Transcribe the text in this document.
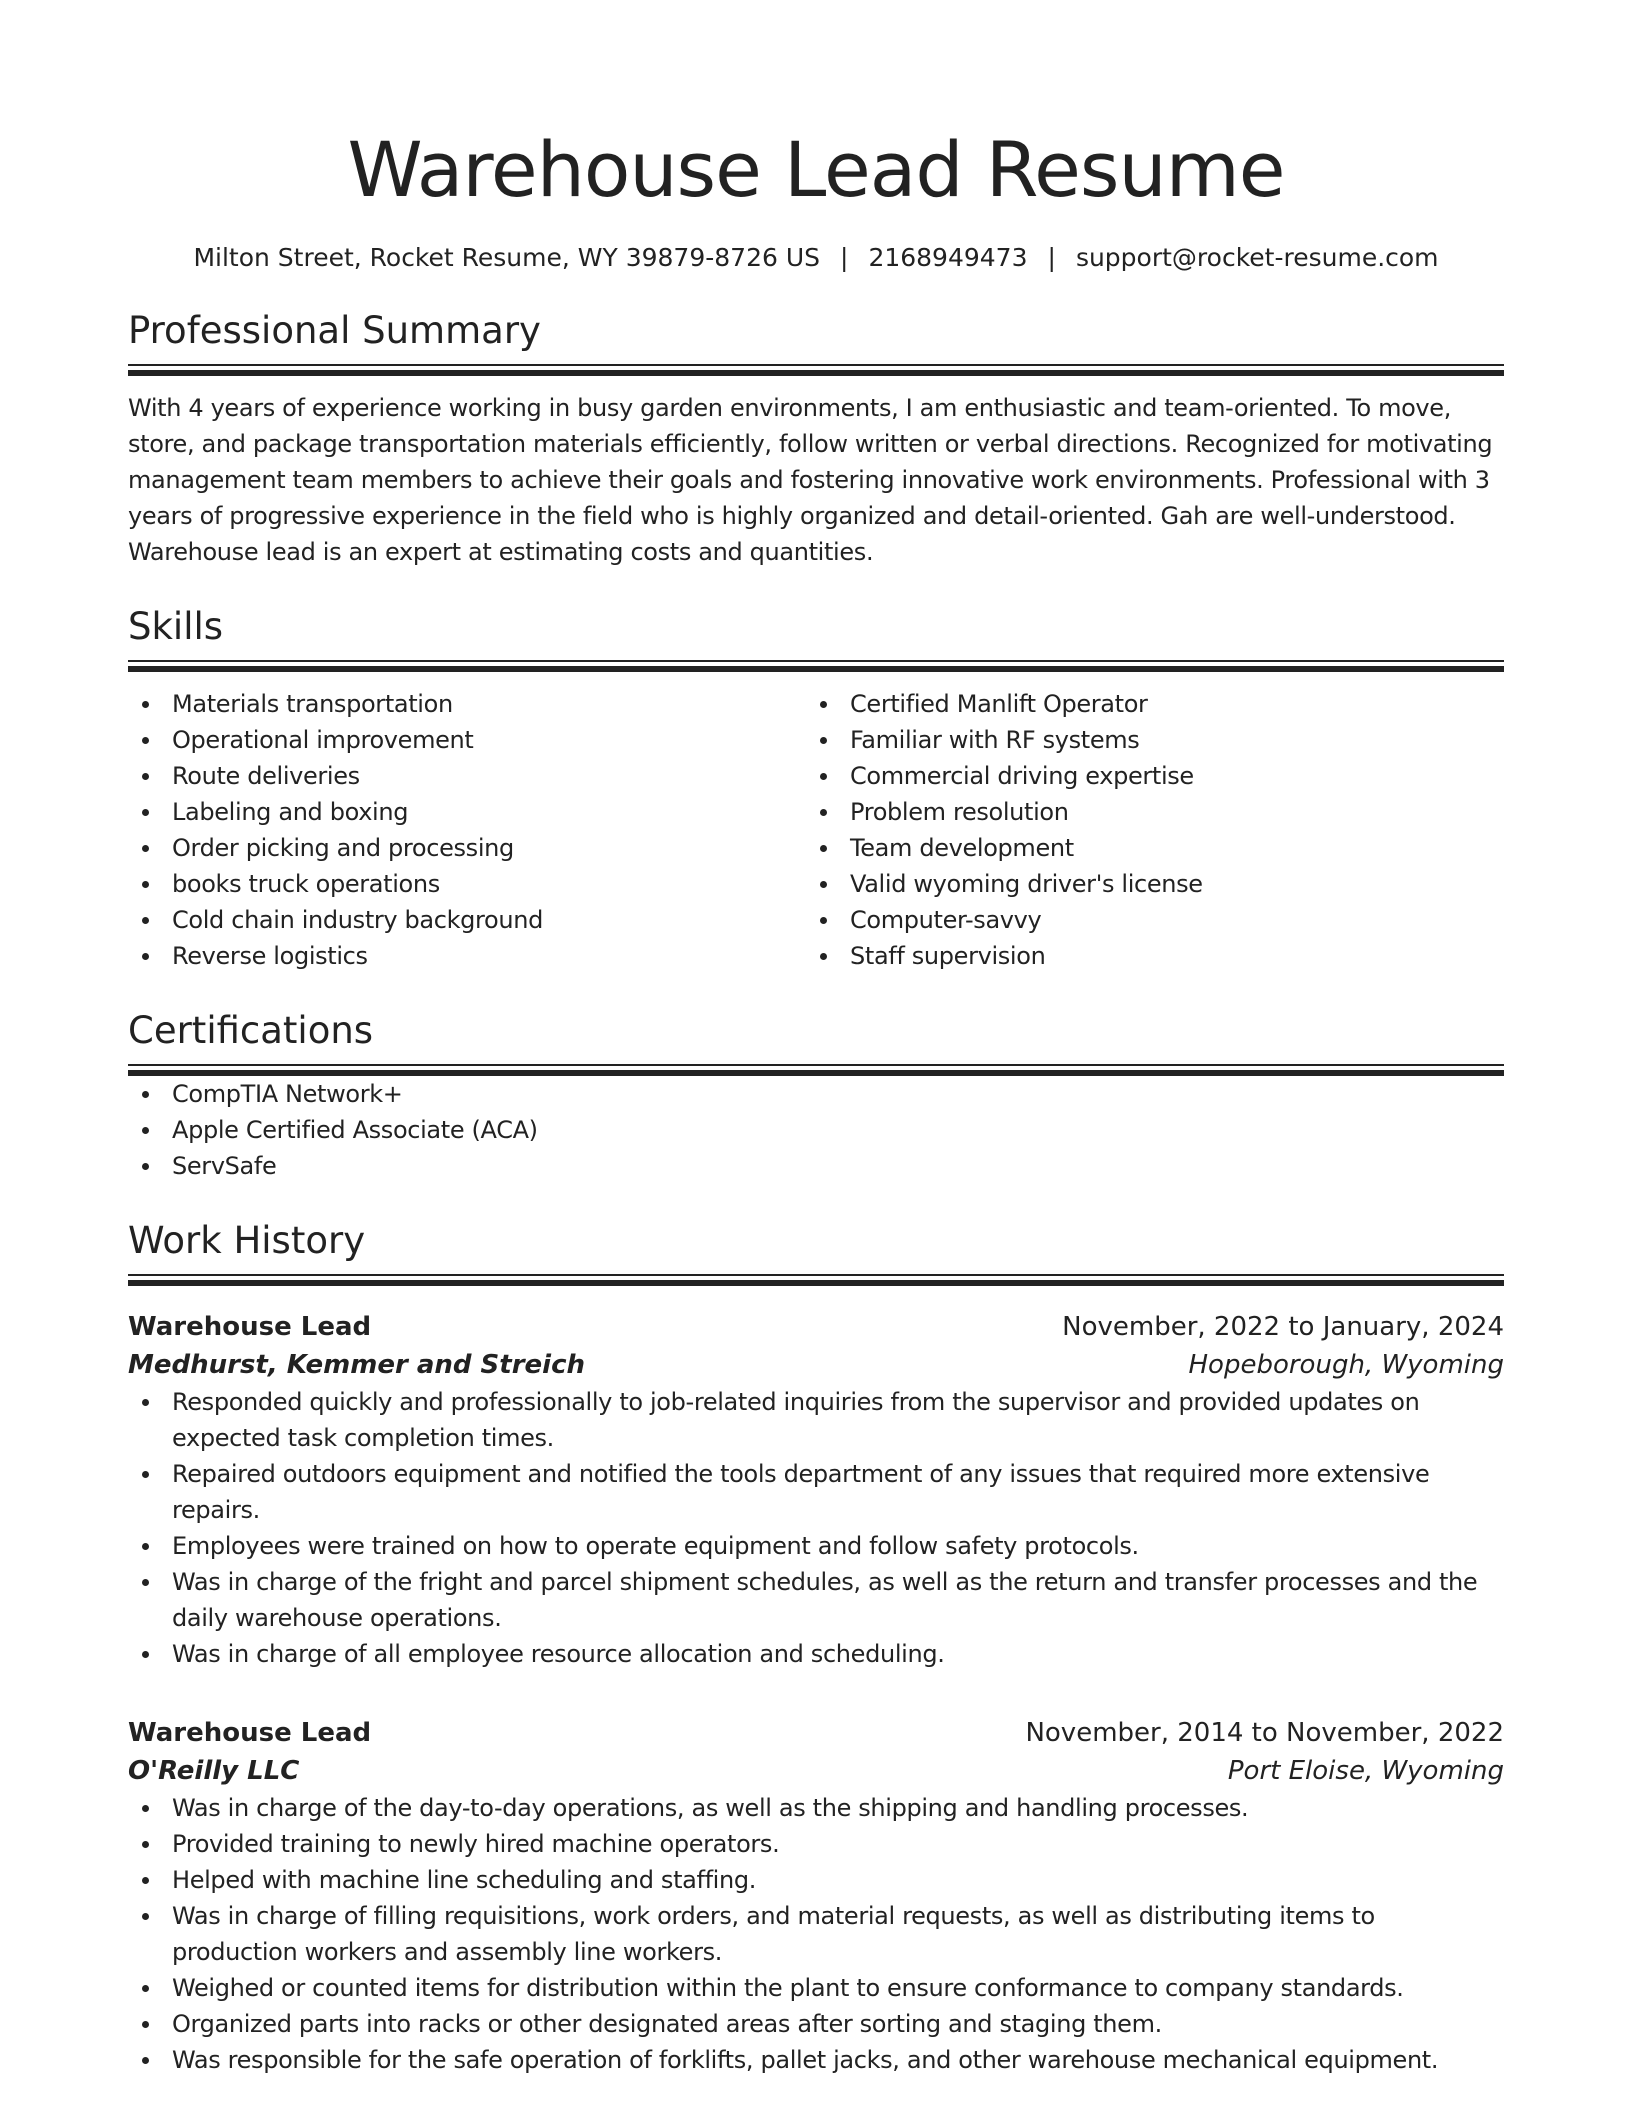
Warehouse Lead Resume
Milton Street, Rocket Resume, WY 39879-8726 US | 2168949473 | support@rocket-resume.com
Professional Summary
With 4 years of experience working in busy garden environments, I am enthusiastic and team-oriented. To move, store, and package transportation materials efficiently, follow written or verbal directions. Recognized for motivating management team members to achieve their goals and fostering innovative work environments. Professional with 3 years of progressive experience in the field who is highly organized and detail-oriented. Gah are well-understood. Warehouse lead is an expert at estimating costs and quantities.
Skills
Materials transportation
Operational improvement
Route deliveries
Labeling and boxing
Order picking and processing
books truck operations
Cold chain industry background
Reverse logistics
Certified Manlift Operator
Familiar with RF systems
Commercial driving expertise
Problem resolution
Team development
Valid wyoming driver's license
Computer-savvy
Staff supervision
Certifications
CompTIA Network+
Apple Certified Associate (ACA)
ServSafe
Work History
Warehouse Lead	November, 2022 to January, 2024
Medhurst, Kemmer and Streich	Hopeborough, Wyoming
Responded quickly and professionally to job-related inquiries from the supervisor and provided updates on expected task completion times.
Repaired outdoors equipment and notified the tools department of any issues that required more extensive repairs.
Employees were trained on how to operate equipment and follow safety protocols.
Was in charge of the fright and parcel shipment schedules, as well as the return and transfer processes and the daily warehouse operations.
Was in charge of all employee resource allocation and scheduling.
Warehouse Lead	November, 2014 to November, 2022
O'Reilly LLC	Port Eloise, Wyoming
Was in charge of the day-to-day operations, as well as the shipping and handling processes.
Provided training to newly hired machine operators.
Helped with machine line scheduling and staffing.
Was in charge of filling requisitions, work orders, and material requests, as well as distributing items to production workers and assembly line workers.
Weighed or counted items for distribution within the plant to ensure conformance to company standards.
Organized parts into racks or other designated areas after sorting and staging them.
Was responsible for the safe operation of forklifts, pallet jacks, and other warehouse mechanical equipment.
